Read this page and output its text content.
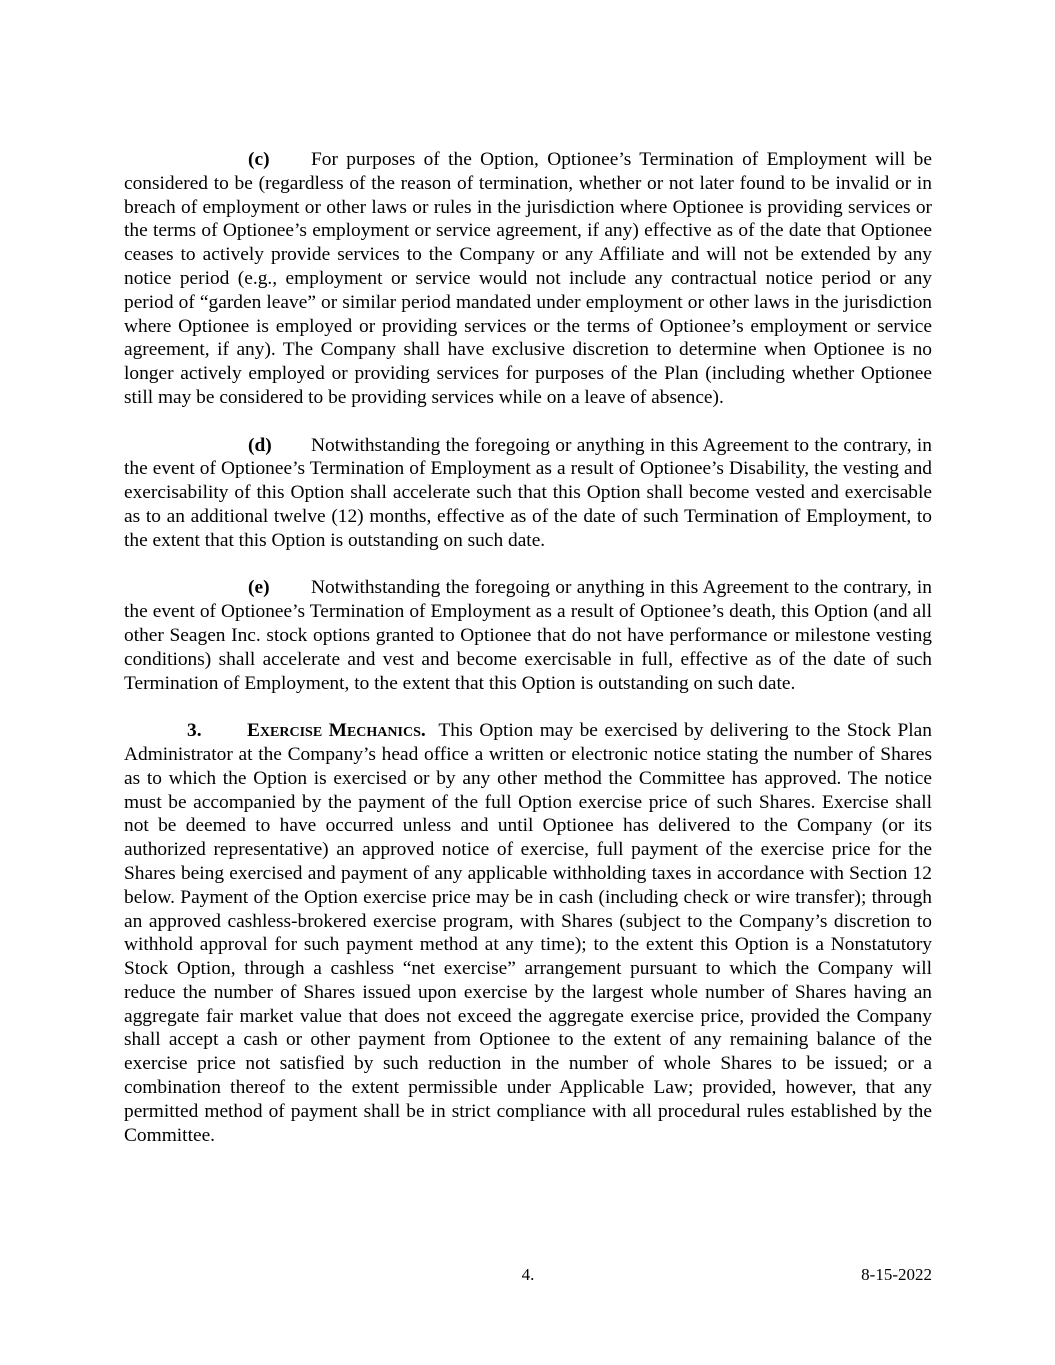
(c) For purposes of the Option, Optionee’s Termination of Employment will be considered to be (regardless of the reason of termination, whether or not later found to be invalid or in breach of employment or other laws or rules in the jurisdiction where Optionee is providing services or the terms of Optionee’s employment or service agreement, if any) effective as of the date that Optionee ceases to actively provide services to the Company or any Affiliate and will not be extended by any notice period (e.g., employment or service would not include any contractual notice period or any period of “garden leave” or similar period mandated under employment or other laws in the jurisdiction where Optionee is employed or providing services or the terms of Optionee’s employment or service agreement, if any). The Company shall have exclusive discretion to determine when Optionee is no longer actively employed or providing services for purposes of the Plan (including whether Optionee still may be considered to be providing services while on a leave of absence).

(d) Notwithstanding the foregoing or anything in this Agreement to the contrary, in the event of Optionee’s Termination of Employment as a result of Optionee’s Disability, the vesting and exercisability of this Option shall accelerate such that this Option shall become vested and exercisable as to an additional twelve (12) months, effective as of the date of such Termination of Employment, to the extent that this Option is outstanding on such date.

(e) Notwithstanding the foregoing or anything in this Agreement to the contrary, in the event of Optionee’s Termination of Employment as a result of Optionee’s death, this Option (and all other Seagen Inc. stock options granted to Optionee that do not have performance or milestone vesting conditions) shall accelerate and vest and become exercisable in full, effective as of the date of such Termination of Employment, to the extent that this Option is outstanding on such date.

3. Exercise Mechanics. This Option may be exercised by delivering to the Stock Plan Administrator at the Company’s head office a written or electronic notice stating the number of Shares as to which the Option is exercised or by any other method the Committee has approved. The notice must be accompanied by the payment of the full Option exercise price of such Shares. Exercise shall not be deemed to have occurred unless and until Optionee has delivered to the Company (or its authorized representative) an approved notice of exercise, full payment of the exercise price for the Shares being exercised and payment of any applicable withholding taxes in accordance with Section 12 below. Payment of the Option exercise price may be in cash (including check or wire transfer); through an approved cashless-brokered exercise program, with Shares (subject to the Company’s discretion to withhold approval for such payment method at any time); to the extent this Option is a Nonstatutory Stock Option, through a cashless “net exercise” arrangement pursuant to which the Company will reduce the number of Shares issued upon exercise by the largest whole number of Shares having an aggregate fair market value that does not exceed the aggregate exercise price, provided the Company shall accept a cash or other payment from Optionee to the extent of any remaining balance of the exercise price not satisfied by such reduction in the number of whole Shares to be issued; or a combination thereof to the extent permissible under Applicable Law; provided, however, that any permitted method of payment shall be in strict compliance with all procedural rules established by the Committee.

4.	8-15-2022
